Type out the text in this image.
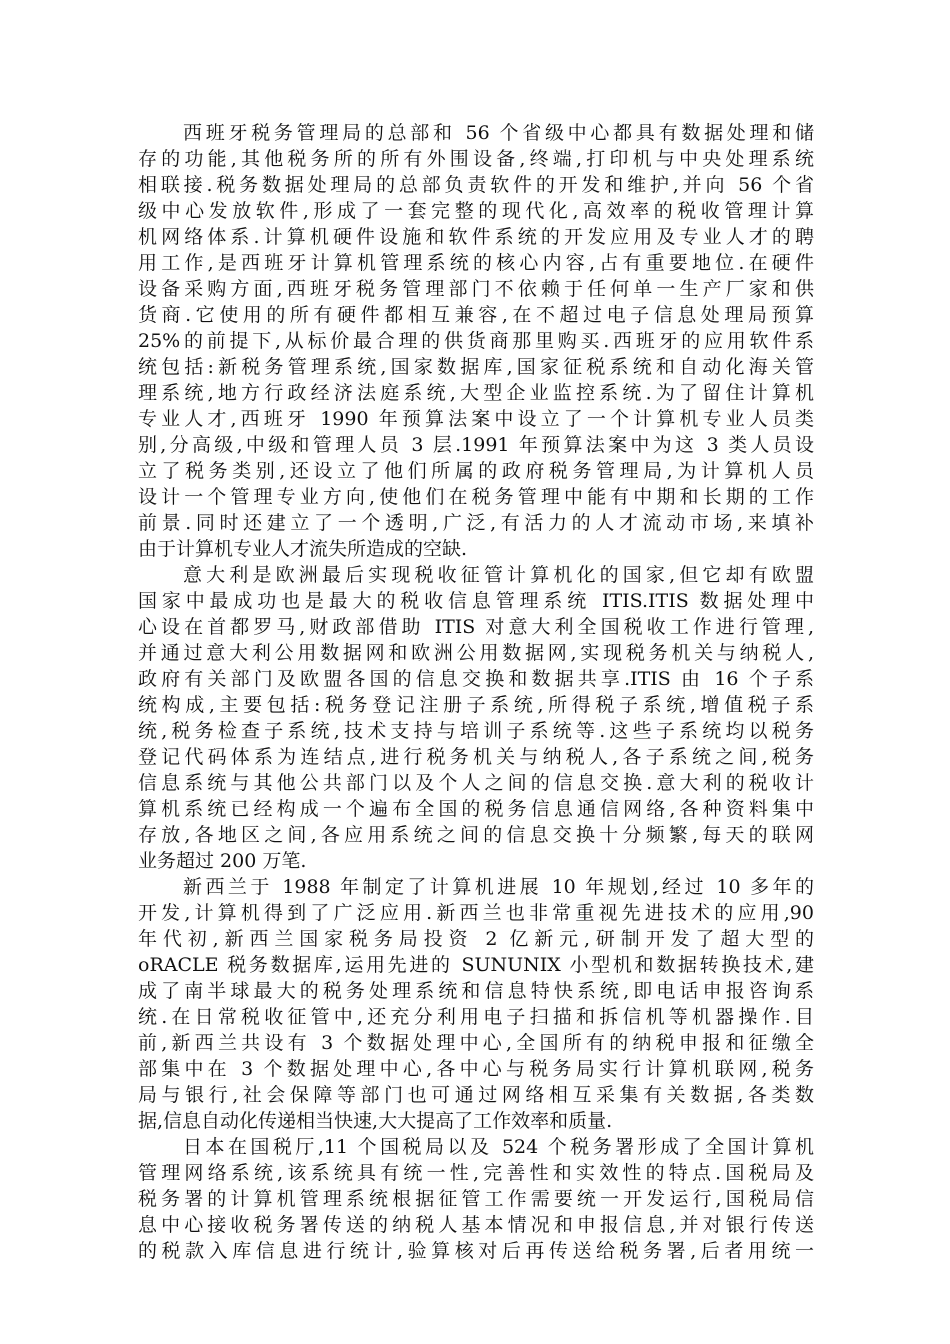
西班牙税务管理局的总部和 56 个省级中心都具有数据处理和储
存的功能,其他税务所的所有外围设备,终端,打印机与中央处理系统
相联接.税务数据处理局的总部负责软件的开发和维护,并向 56 个省
级中心发放软件,形成了一套完整的现代化,高效率的税收管理计算
机网络体系.计算机硬件设施和软件系统的开发应用及专业人才的聘
用工作,是西班牙计算机管理系统的核心内容,占有重要地位.在硬件
设备采购方面,西班牙税务管理部门不依赖于任何单一生产厂家和供
货商.它使用的所有硬件都相互兼容,在不超过电子信息处理局预算
25%的前提下,从标价最合理的供货商那里购买.西班牙的应用软件系
统包括:新税务管理系统,国家数据库,国家征税系统和自动化海关管
理系统,地方行政经济法庭系统,大型企业监控系统.为了留住计算机
专业人才,西班牙 1990 年预算法案中设立了一个计算机专业人员类
别,分高级,中级和管理人员 3 层.1991 年预算法案中为这 3 类人员设
立了税务类别,还设立了他们所属的政府税务管理局,为计算机人员
设计一个管理专业方向,使他们在税务管理中能有中期和长期的工作
前景.同时还建立了一个透明,广泛,有活力的人才流动市场,来填补
由于计算机专业人才流失所造成的空缺.
意大利是欧洲最后实现税收征管计算机化的国家,但它却有欧盟
国家中最成功也是最大的税收信息管理系统 ITIS.ITIS 数据处理中
心设在首都罗马,财政部借助 ITIS 对意大利全国税收工作进行管理,
并通过意大利公用数据网和欧洲公用数据网,实现税务机关与纳税人,
政府有关部门及欧盟各国的信息交换和数据共享.ITIS 由 16 个子系
统构成,主要包括:税务登记注册子系统,所得税子系统,增值税子系
统,税务检查子系统,技术支持与培训子系统等.这些子系统均以税务
登记代码体系为连结点,进行税务机关与纳税人,各子系统之间,税务
信息系统与其他公共部门以及个人之间的信息交换.意大利的税收计
算机系统已经构成一个遍布全国的税务信息通信网络,各种资料集中
存放,各地区之间,各应用系统之间的信息交换十分频繁,每天的联网
业务超过 200 万笔.
新西兰于 1988 年制定了计算机进展 10 年规划,经过 10 多年的
开发,计算机得到了广泛应用.新西兰也非常重视先进技术的应用,90
年代初,新西兰国家税务局投资 2 亿新元,研制开发了超大型的
oRACLE 税务数据库,运用先进的 SUNUNIX 小型机和数据转换技术,建
成了南半球最大的税务处理系统和信息特快系统,即电话申报咨询系
统.在日常税收征管中,还充分利用电子扫描和拆信机等机器操作.目
前,新西兰共设有 3 个数据处理中心,全国所有的纳税申报和征缴全
部集中在 3 个数据处理中心,各中心与税务局实行计算机联网,税务
局与银行,社会保障等部门也可通过网络相互采集有关数据,各类数
据,信息自动化传递相当快速,大大提高了工作效率和质量.
日本在国税厅,11 个国税局以及 524 个税务署形成了全国计算机
管理网络系统,该系统具有统一性,完善性和实效性的特点.国税局及
税务署的计算机管理系统根据征管工作需要统一开发运行,国税局信
息中心接收税务署传送的纳税人基本情况和申报信息,并对银行传送
的税款入库信息进行统计,验算核对后再传送给税务署,后者用统一
